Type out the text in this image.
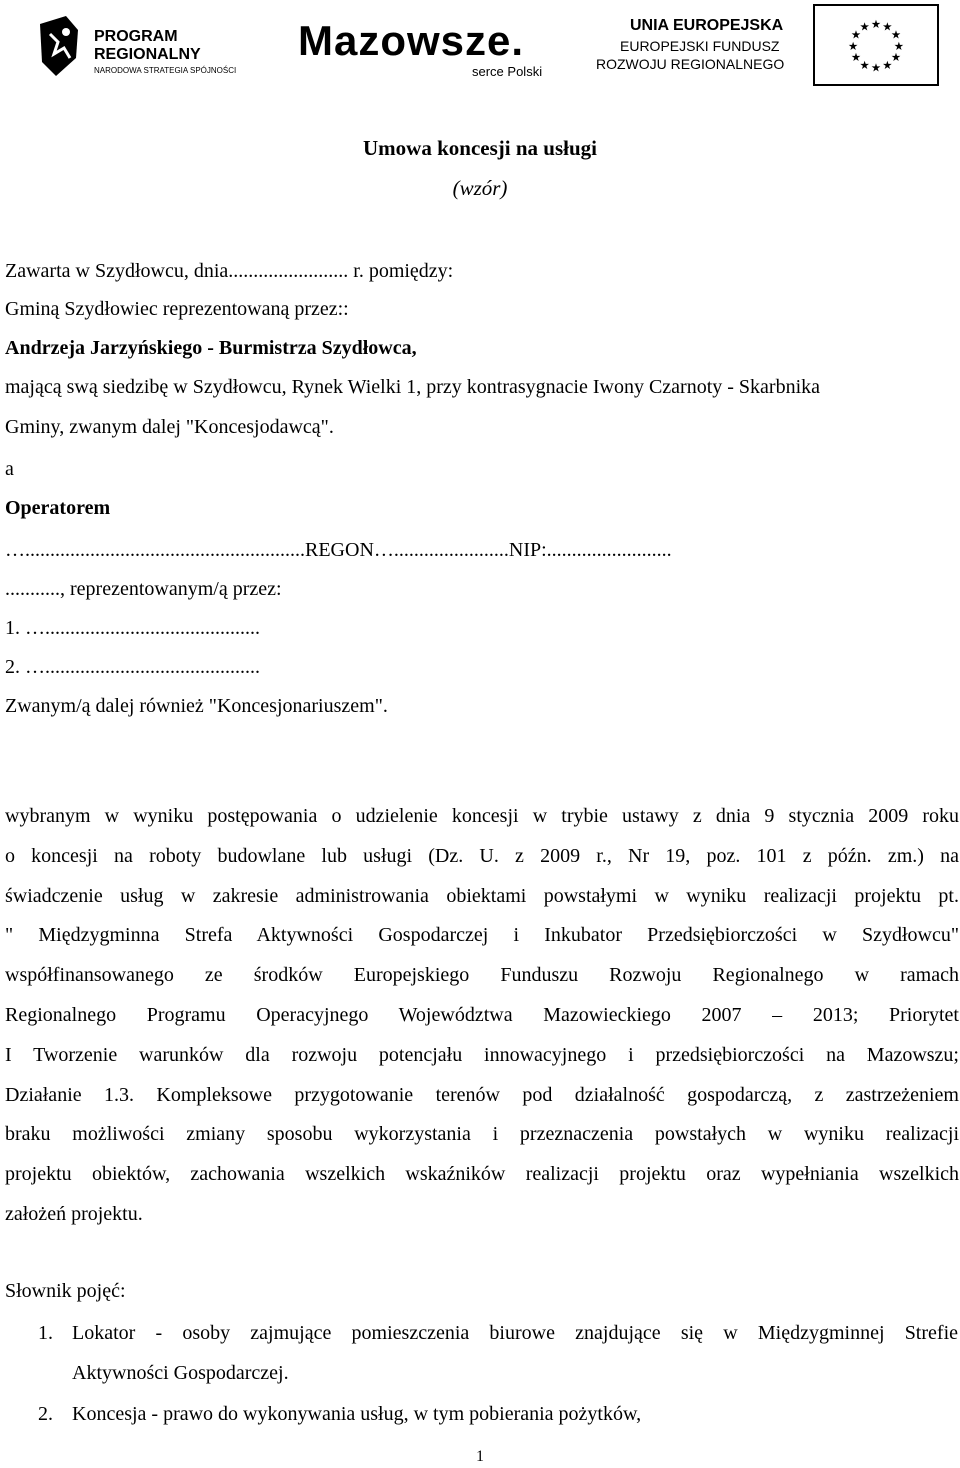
PROGRAM
REGIONALNY
NARODOWA STRATEGIA SPÓJNOŚCI
Mazowsze.
serce Polski
UNIA EUROPEJSKA
EUROPEJSKI FUNDUSZ
ROZWOJU REGIONALNEGO
★ ★
★
★
★
★
★
★
★
★
★
★
Umowa koncesji na usługi
(wzór)
Zawarta w Szydłowcu, dnia........................ r. pomiędzy:
Gminą Szydłowiec reprezentowaną przez::
Andrzeja Jarzyńskiego - Burmistrza Szydłowca,
mającą swą siedzibę w Szydłowcu, Rynek Wielki 1, przy kontrasygnacie Iwony Czarnoty - Skarbnika
Gminy, zwanym dalej "Koncesjodawcą".
a
Operatorem
…........................................................REGON….......................NIP:.........................
..........., reprezentowanym/ą przez:
1. …...........................................
2. …...........................................
Zwanym/ą dalej również "Koncesjonariuszem".

wybranym w wyniku postępowania o udzielenie koncesji w trybie ustawy z dnia 9 stycznia 2009 roku

o koncesji na roboty budowlane lub usługi (Dz. U. z 2009 r., Nr 19, poz. 101 z późn. zm.) na

świadczenie usług w zakresie administrowania obiektami powstałymi w wyniku realizacji projektu pt.

" Międzygminna Strefa Aktywności Gospodarczej i Inkubator Przedsiębiorczości w Szydłowcu"

współfinansowanego ze środków Europejskiego Funduszu Rozwoju Regionalnego w ramach

Regionalnego Programu Operacyjnego Województwa Mazowieckiego 2007 – 2013; Priorytet

I Tworzenie warunków dla rozwoju potencjału innowacyjnego i przedsiębiorczości na Mazowszu;

Działanie 1.3. Kompleksowe przygotowanie terenów pod działalność gospodarczą, z zastrzeżeniem

braku możliwości zmiany sposobu wykorzystania i przeznaczenia powstałych w wyniku realizacji

projektu obiektów, zachowania wszelkich wskaźników realizacji projektu oraz wypełniania wszelkich

założeń projektu.

Słownik pojęć:
1. Lokator - osoby zajmujące pomieszczenia biurowe znajdujące się w Międzygminnej Strefie

Aktywności Gospodarczej.

2. Koncesja - prawo do wykonywania usług, w tym pobierania pożytków,

1
